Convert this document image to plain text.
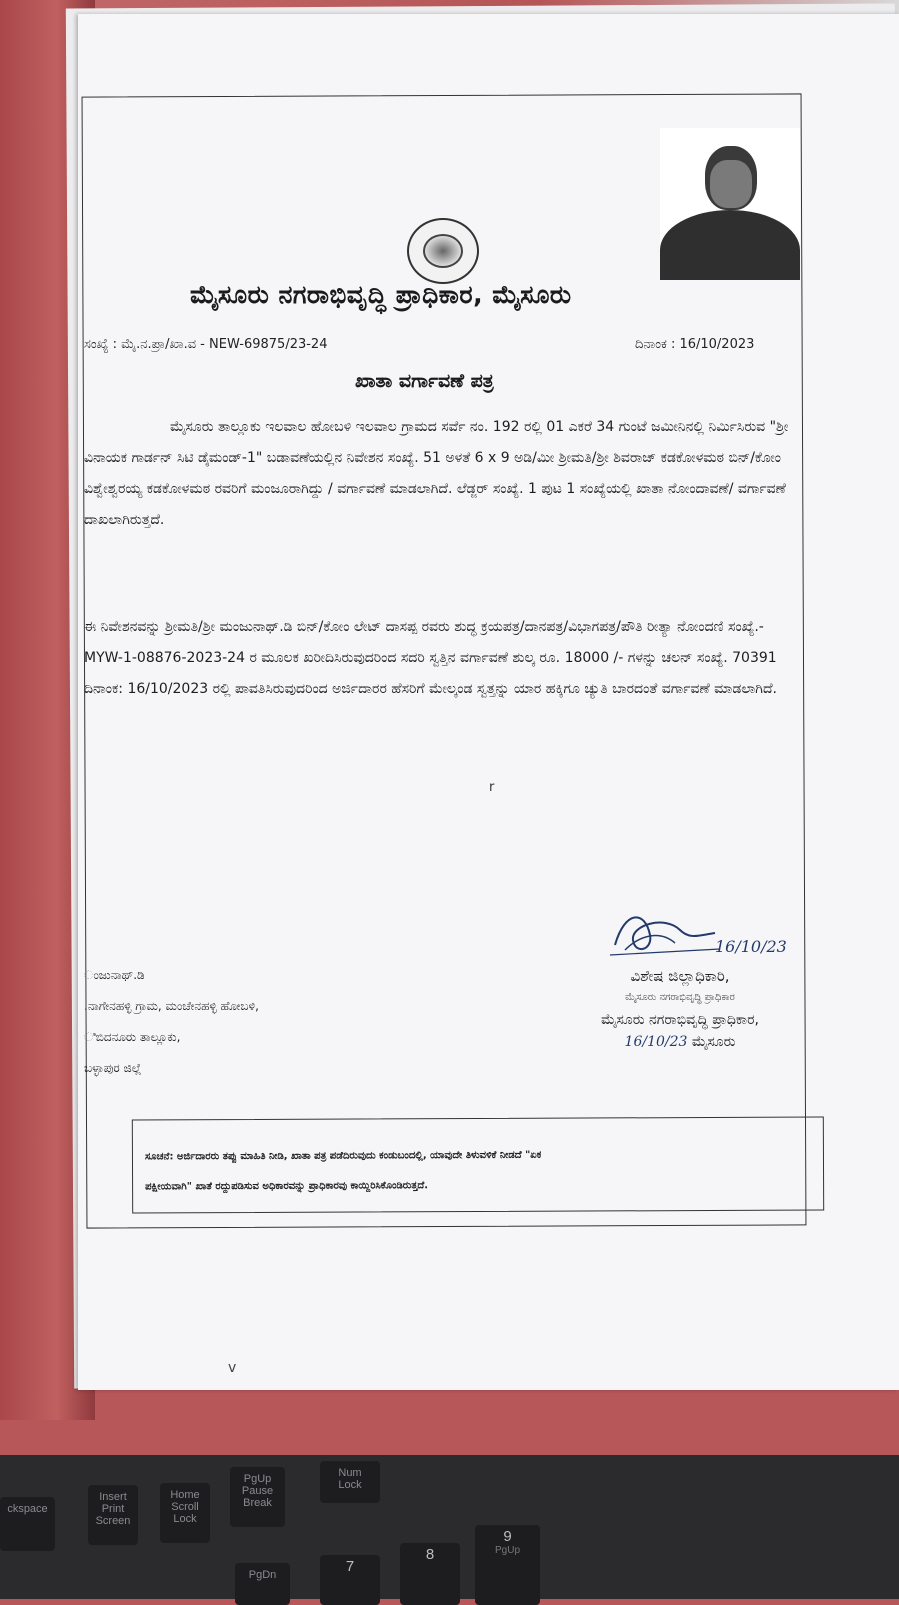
ಮೈಸೂರು ನಗರಾಭಿವೃದ್ಧಿ ಪ್ರಾಧಿಕಾರ, ಮೈಸೂರು
ಸಂಖ್ಯೆ : ಮೈ.ನ.ಪ್ರಾ/ಖಾ.ವ - NEW-69875/23-24	ದಿನಾಂಕ : 16/10/2023
ಖಾತಾ ವರ್ಗಾವಣೆ ಪತ್ರ
ಮೈಸೂರು ತಾಲ್ಲೂಕು ಇಲವಾಲ ಹೋಬಳಿ ಇಲವಾಲ ಗ್ರಾಮದ ಸರ್ವೆ ನಂ. 192 ರಲ್ಲಿ 01 ಎಕರೆ 34 ಗುಂಟೆ ಜಮೀನಿನಲ್ಲಿ ನಿರ್ಮಿಸಿರುವ "ಶ್ರೀ ವಿನಾಯಕ ಗಾರ್ಡನ್ ಸಿಟಿ ಡೈಮಂಡ್-1" ಬಡಾವಣೆಯಲ್ಲಿನ ನಿವೇಶನ ಸಂಖ್ಯೆ. 51 ಅಳತೆ 6 x 9 ಅಡಿ/ಮೀ ಶ್ರೀಮತಿ/ಶ್ರೀ ಶಿವರಾಜ್ ಕಡಕೋಳಮಠ ಬಿನ್/ಕೋಂ ವಿಶ್ವೇಶ್ವರಯ್ಯ ಕಡಕೋಳಮಠ ರವರಿಗೆ ಮಂಜೂರಾಗಿದ್ದು / ವರ್ಗಾವಣೆ ಮಾಡಲಾಗಿದೆ. ಲೆಡ್ಜರ್ ಸಂಖ್ಯೆ. 1 ಪುಟ 1 ಸಂಖ್ಯೆಯಲ್ಲಿ ಖಾತಾ ನೋಂದಾವಣೆ/ ವರ್ಗಾವಣೆ ದಾಖಲಾಗಿರುತ್ತದೆ.
ಈ ನಿವೇಶನವನ್ನು ಶ್ರೀಮತಿ/ಶ್ರೀ ಮಂಜುನಾಥ್.ಡಿ ಬಿನ್/ಕೋಂ ಲೇಟ್ ದಾಸಪ್ಪ ರವರು ಶುದ್ಧ ಕ್ರಯಪತ್ರ/ದಾನಪತ್ರ/ವಿಭಾಗಪತ್ರ/ಪೌತಿ ರೀತ್ಯಾ ನೋಂದಣಿ ಸಂಖ್ಯೆ.- MYW-1-08876-2023-24 ರ ಮೂಲಕ ಖರೀದಿಸಿರುವುದರಿಂದ ಸದರಿ ಸ್ವತ್ತಿನ ವರ್ಗಾವಣೆ ಶುಲ್ಕ ರೂ. 18000 /- ಗಳನ್ನು ಚಲನ್ ಸಂಖ್ಯೆ. 70391 ದಿನಾಂಕ: 16/10/2023 ರಲ್ಲಿ ಪಾವತಿಸಿರುವುದರಿಂದ ಅರ್ಜಿದಾರರ ಹೆಸರಿಗೆ ಮೇಲ್ಕಂಡ ಸ್ವತ್ತನ್ನು ಯಾರ ಹಕ್ಕಿಗೂ ಚ್ಯುತಿ ಬಾರದಂತೆ ವರ್ಗಾವಣೆ ಮಾಡಲಾಗಿದೆ.
r
ಂಜುನಾಥ್.ಡಿ
.ನಾಗೇನಹಳ್ಳಿ ಗ್ರಾಮ, ಮಂಚೇನಹಳ್ಳಿ ಹೋಬಳಿ,
ಿಬಿದನೂರು ತಾಲ್ಲೂಕು,
ಬಳ್ಳಾಪುರ ಜಿಲ್ಲೆ
16/10/23
ವಿಶೇಷ ಜಿಲ್ಲಾಧಿಕಾರಿ,
ಮೈಸೂರು ನಗರಾಭಿವೃದ್ಧಿ ಪ್ರಾಧಿಕಾರ
ಮೈಸೂರು ನಗರಾಭಿವೃದ್ಧಿ ಪ್ರಾಧಿಕಾರ,
16/10/23 ಮೈಸೂರು
ಸೂಚನೆ: ಅರ್ಜಿದಾರರು ತಪ್ಪು ಮಾಹಿತಿ ನೀಡಿ, ಖಾತಾ ಪತ್ರ ಪಡೆದಿರುವುದು ಕಂಡುಬಂದಲ್ಲಿ, ಯಾವುದೇ ತಿಳುವಳಿಕೆ ನೀಡದೆ "ಏಕ
ಪಕ್ಷೀಯವಾಗಿ" ಖಾತೆ ರದ್ದುಪಡಿಸುವ ಅಧಿಕಾರವನ್ನು ಪ್ರಾಧಿಕಾರವು ಕಾಯ್ದಿರಿಸಿಕೊಂಡಿರುತ್ತದೆ.
v
ckspace
Insert
Print
Screen
Home
Scroll
Lock
PgUp
Pause
Break
Num
Lock
PgDn	7
8
9
PgUp
